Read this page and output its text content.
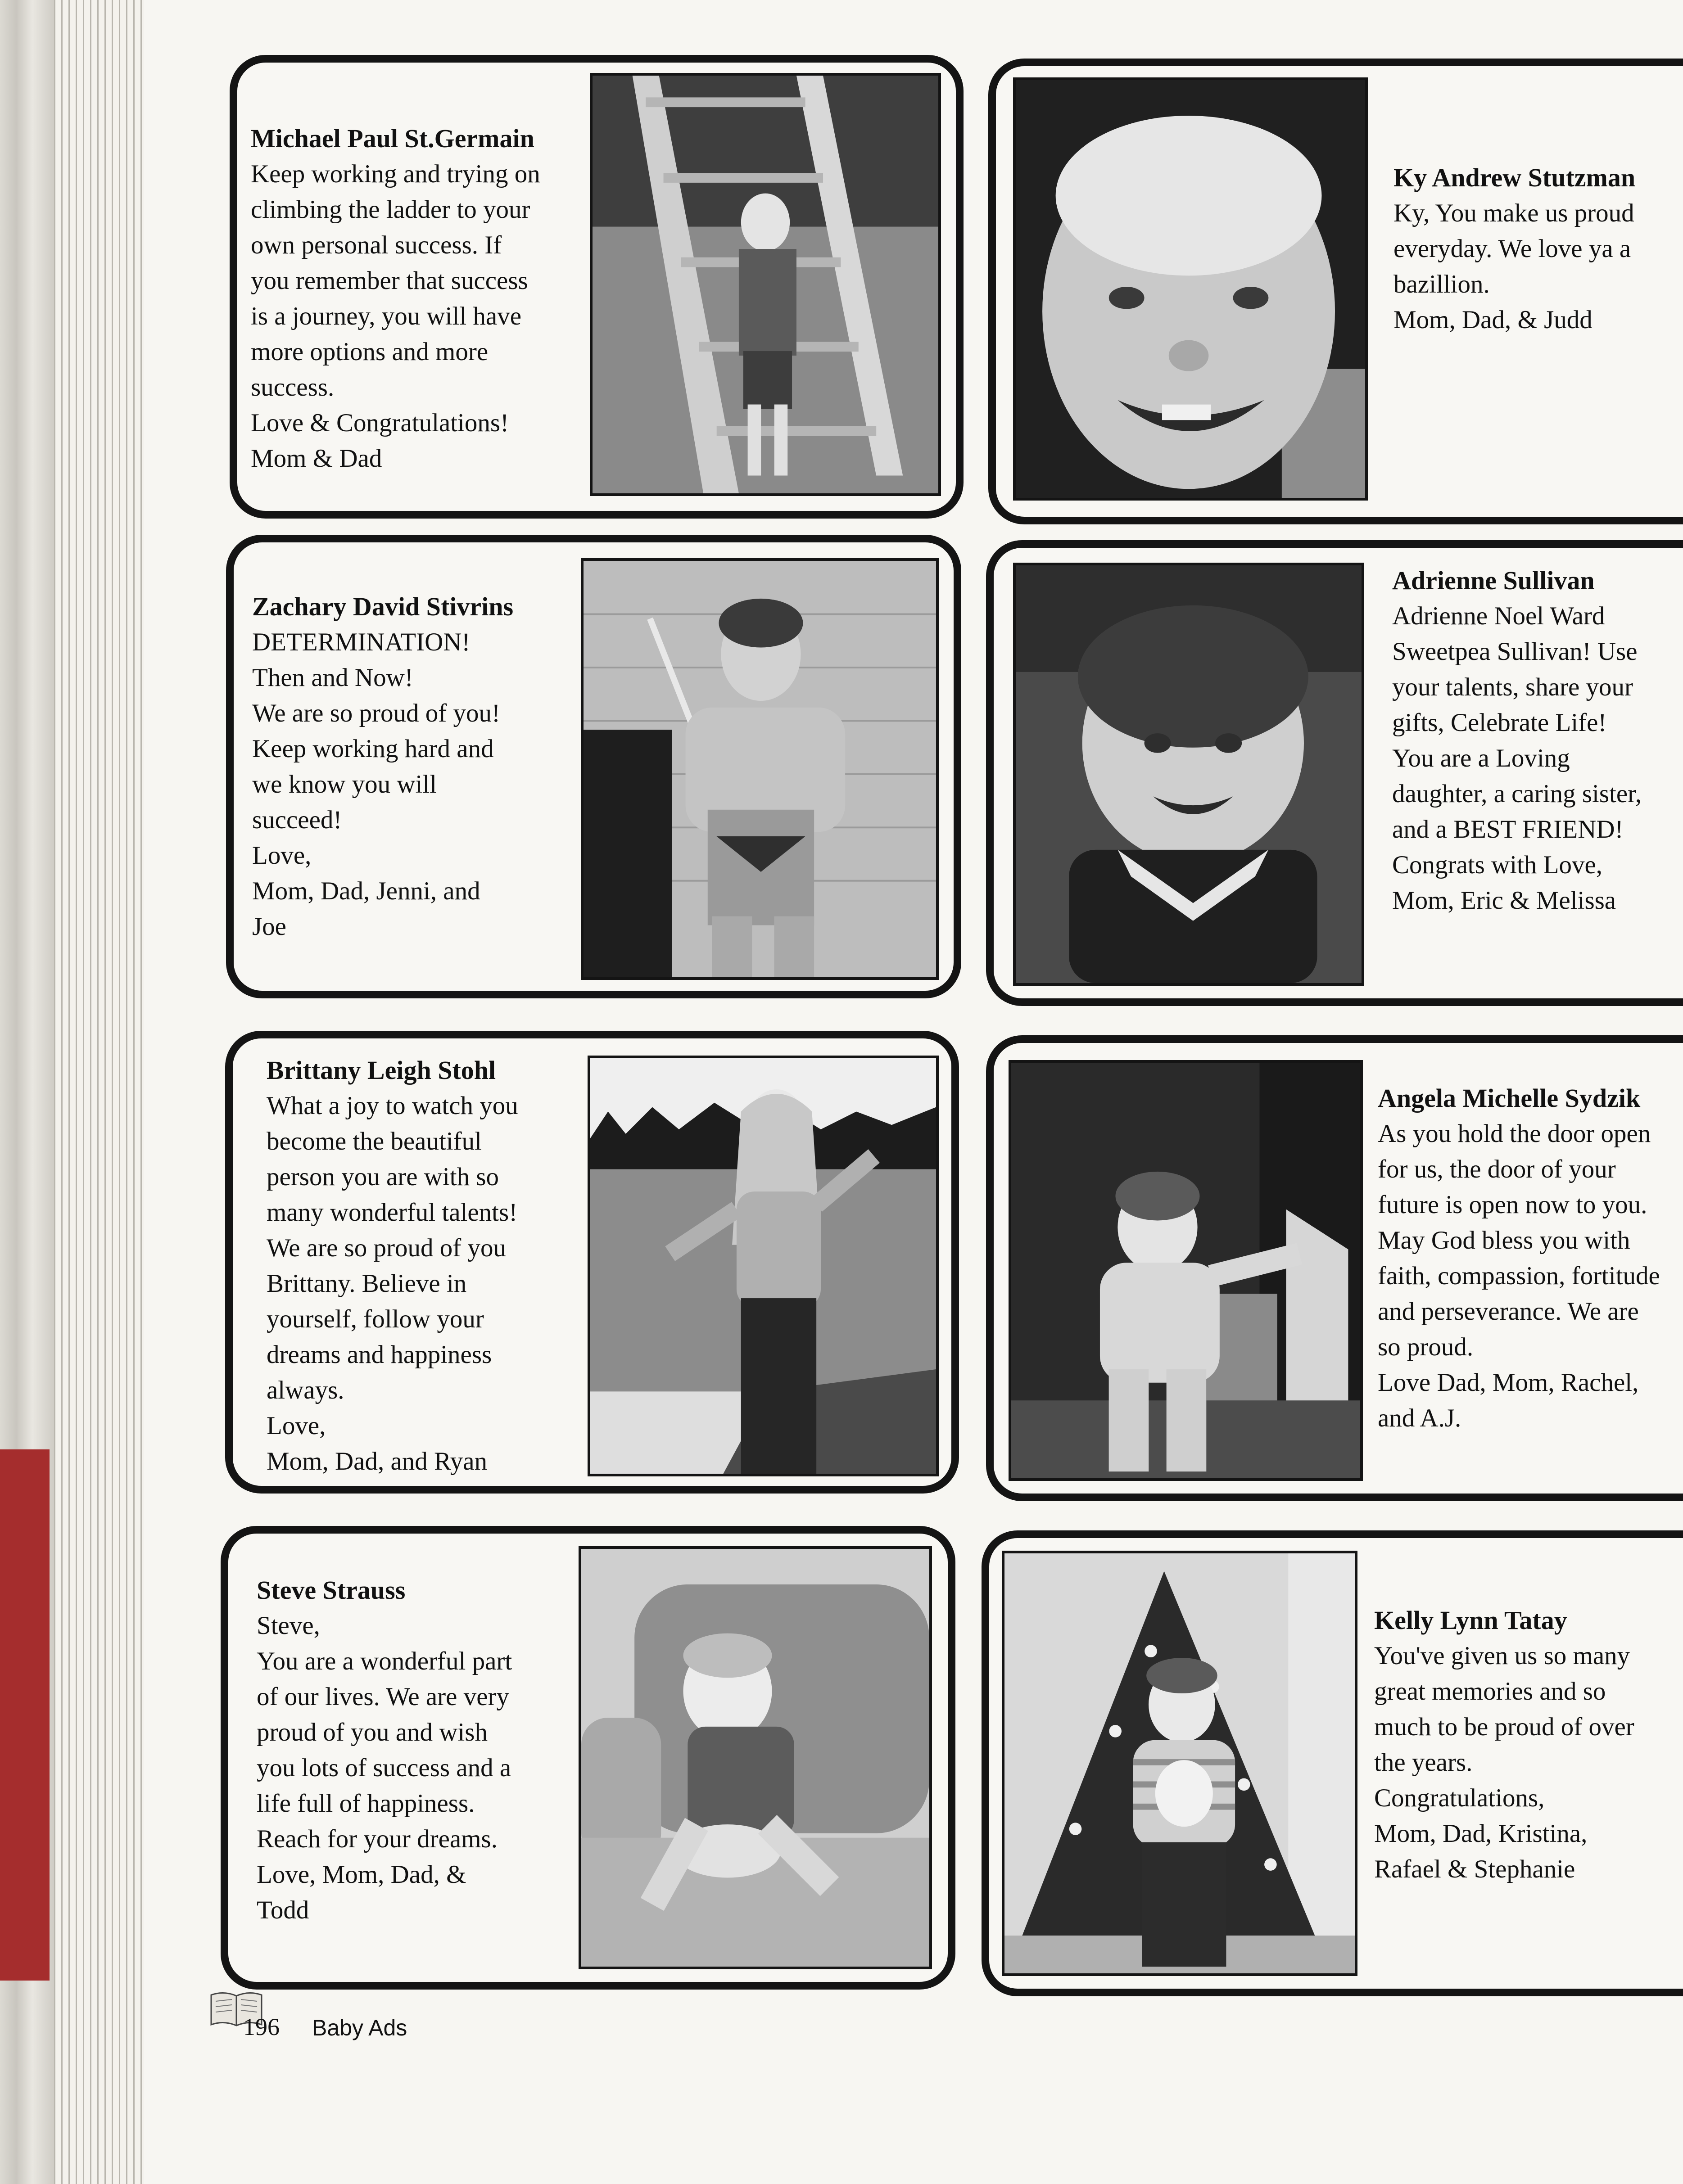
Michael Paul St.Germain
Keep working and trying on
climbing the ladder to your
own personal success. If
you remember that success
is a journey, you will have
more options and more
success.
Love & Congratulations!
Mom & Dad
Ky Andrew Stutzman
Ky, You make us proud
everyday. We love ya a
bazillion.
Mom, Dad, & Judd
Zachary David Stivrins
DETERMINATION!
Then and Now!
We are so proud of you!
Keep working hard and
we know you will
succeed!
Love,
Mom, Dad, Jenni, and
Joe
Adrienne Sullivan
Adrienne Noel Ward
Sweetpea Sullivan! Use
your talents, share your
gifts, Celebrate Life!
You are a Loving
daughter, a caring sister,
and a BEST FRIEND!
Congrats with Love,
Mom, Eric & Melissa
Brittany Leigh Stohl
What a joy to watch you
become the beautiful
person you are with so
many wonderful talents!
We are so proud of you
Brittany. Believe in
yourself, follow your
dreams and happiness
always.
Love,
Mom, Dad, and Ryan
Angela Michelle Sydzik
As you hold the door open
for us, the door of your
future is open now to you.
May God bless you with
faith, compassion, fortitude
and perseverance. We are
so proud.
Love Dad, Mom, Rachel,
and A.J.
Steve Strauss
Steve,
You are a wonderful part
of our lives. We are very
proud of you and wish
you lots of success and a
life full of happiness.
Reach for your dreams.
Love, Mom, Dad, &
Todd
Kelly Lynn Tatay
You've given us so many
great memories and so
much to be proud of over
the years.
Congratulations,
Mom, Dad, Kristina,
Rafael & Stephanie
196 Baby Ads
